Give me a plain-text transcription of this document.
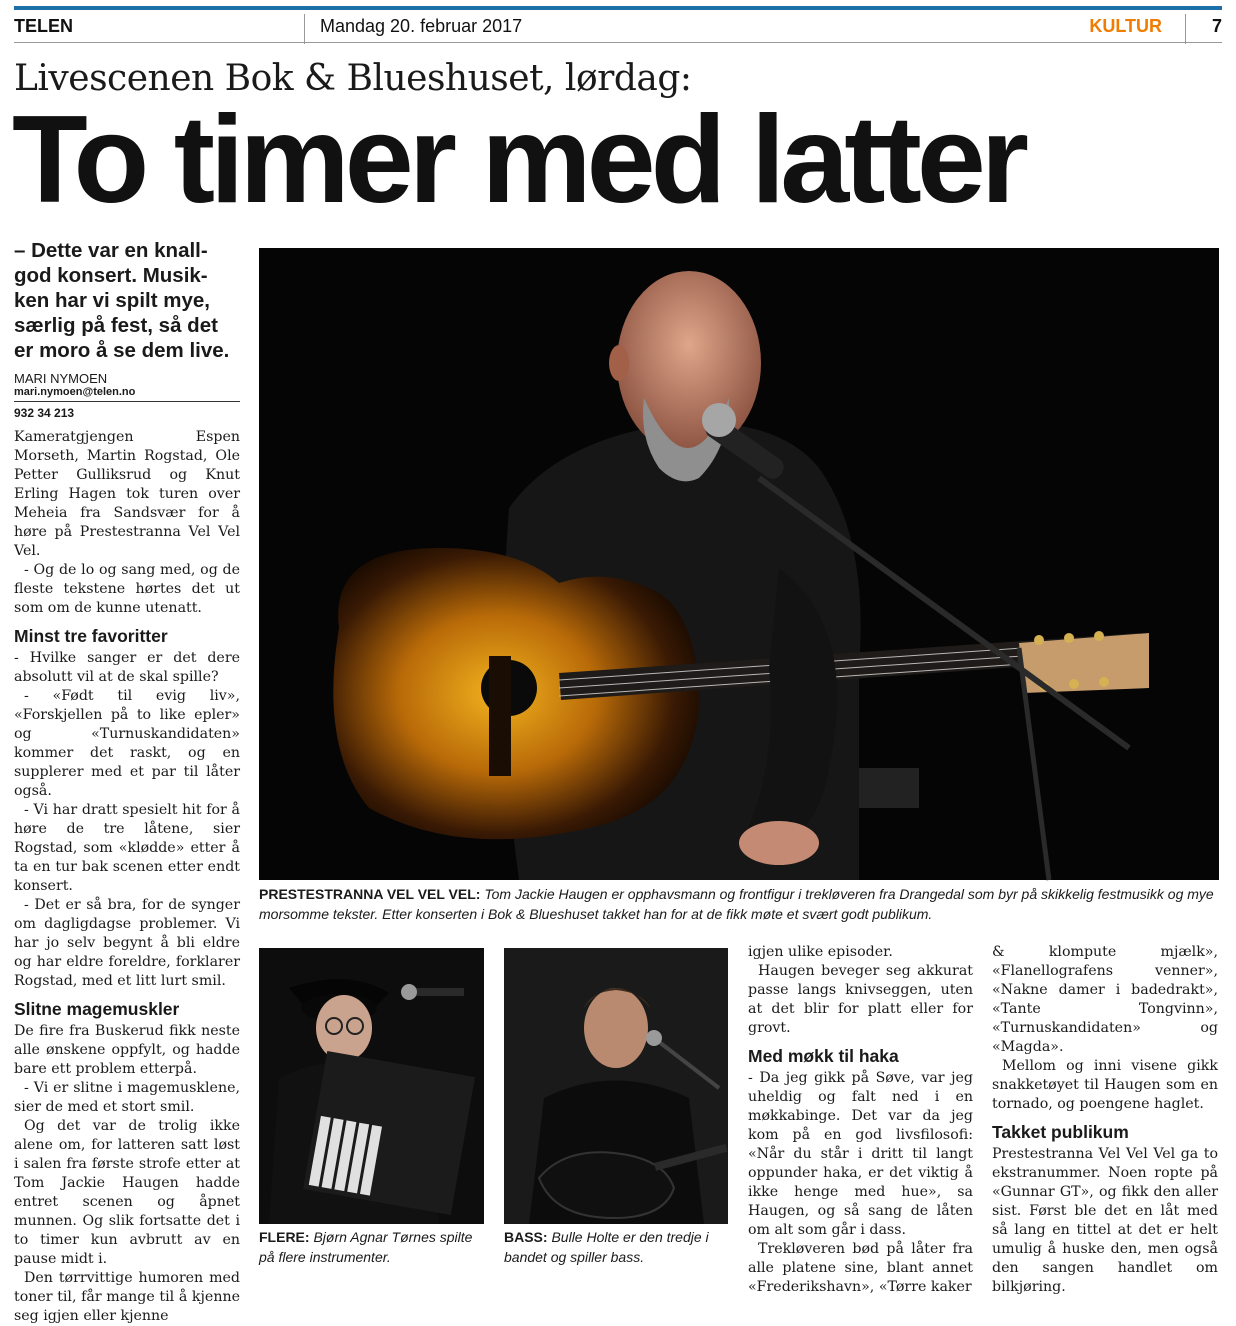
TELEN	Mandag 20. februar 2017	KULTUR	7
Livescenen Bok & Blueshuset, lørdag:
To timer med latter
– Dette var en knall-god konsert. Musik-ken har vi spilt mye, særlig på fest, så det er moro å se dem live.
MARI NYMOEN
mari.nymoen@telen.no
932 34 213

Kameratgjengen Espen Morseth, Martin Rogstad, Ole Petter Gulliksrud og Knut Erling Hagen tok turen over Meheia fra Sandsvær for å høre på Prestestranna Vel Vel Vel.

- Og de lo og sang med, og de fleste tekstene hørtes det ut som om de kunne utenatt.

Minst tre favoritter

- Hvilke sanger er det dere absolutt vil at de skal spille?

- «Født til evig liv», «Forskjellen på to like epler» og «Turnuskandidaten» kommer det raskt, og en supplerer med et par til låter også.

- Vi har dratt spesielt hit for å høre de tre låtene, sier Rogstad, som «klødde» etter å ta en tur bak scenen etter endt konsert.

- Det er så bra, for de synger om dagligdagse problemer. Vi har jo selv begynt å bli eldre og har eldre foreldre, forklarer Rogstad, med et litt lurt smil.

Slitne magemuskler

De fire fra Buskerud fikk neste alle ønskene oppfylt, og hadde bare ett problem etterpå.

- Vi er slitne i magemusklene, sier de med et stort smil.

Og det var de trolig ikke alene om, for latteren satt løst i salen fra første strofe etter at Tom Jackie Haugen hadde entret scenen og åpnet munnen. Og slik fortsatte det i to timer kun avbrutt av en pause midt i.

Den tørrvittige humoren med toner til, får mange til å kjenne seg igjen eller kjenne

PRESTESTRANNA VEL VEL VEL: Tom Jackie Haugen er opphavsmann og frontfigur i trekløveren fra Drangedal som byr på skikkelig festmusikk og mye morsomme tekster. Etter konserten i Bok & Blueshuset takket han for at de fikk møte et svært godt publikum.
FLERE: Bjørn Agnar Tørnes spilte på flere instrumenter.
BASS: Bulle Holte er den tredje i bandet og spiller bass.

igjen ulike episoder.

Haugen beveger seg akkurat passe langs knivseggen, uten at det blir for platt eller for grovt.

Med møkk til haka

- Da jeg gikk på Søve, var jeg uheldig og falt ned i en møkkabinge. Det var da jeg kom på en god livsfilosofi: «Når du står i dritt til langt oppunder haka, er det viktig å ikke henge med hue», sa Haugen, og så sang de låten om alt som går i dass.

Trekløveren bød på låter fra alle platene sine, blant annet «Frederikshavn», «Tørre kaker

& klompute mjælk», «Flanellografens venner», «Nakne damer i badedrakt», «Tante Tongvinn», «Turnuskandidaten» og «Magda».

Mellom og inni visene gikk snakketøyet til Haugen som en tornado, og poengene haglet.

Takket publikum

Prestestranna Vel Vel Vel ga to ekstranummer. Noen ropte på «Gunnar GT», og fikk den aller sist. Først ble det en låt med så lang en tittel at det er helt umulig å huske den, men også den sangen handlet om bilkjøring.
